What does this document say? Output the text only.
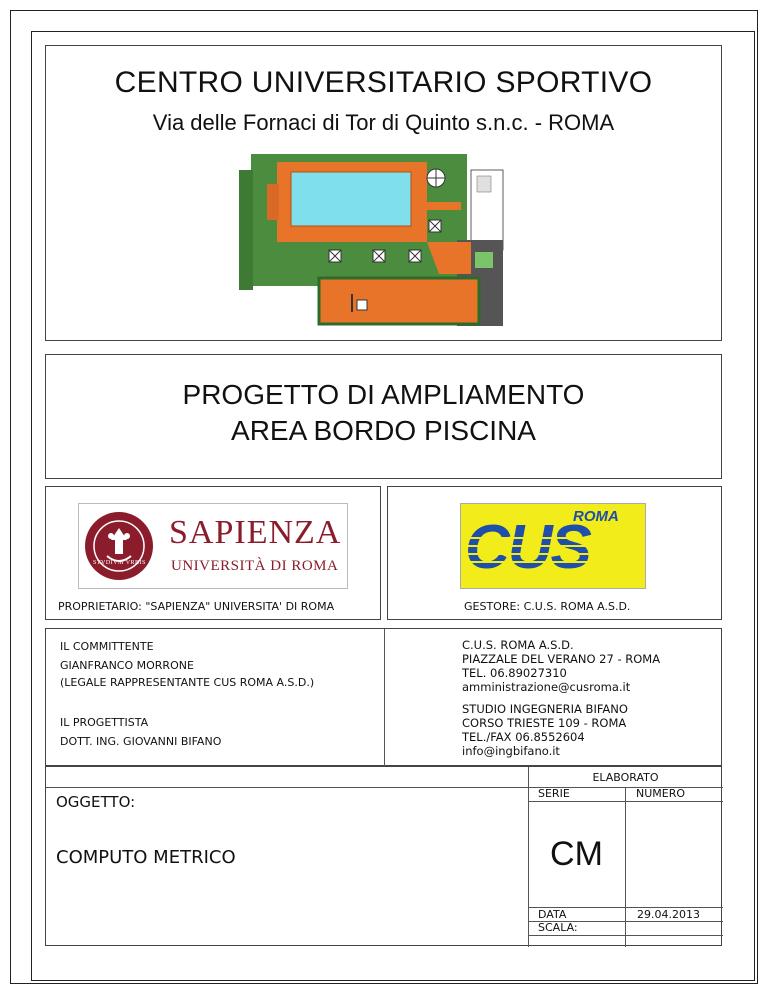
CENTRO UNIVERSITARIO SPORTIVO
Via delle Fornaci di Tor di Quinto s.n.c. - ROMA
PROGETTO DI AMPLIAMENTO
AREA BORDO PISCINA
STVDIVM VRBIS
SAPIENZA
UNIVERSITÀ DI ROMA
PROPRIETARIO: "SAPIENZA" UNIVERSITA' DI ROMA
ROMA
CUS
GESTORE: C.U.S. ROMA A.S.D.
IL COMMITTENTE
GIANFRANCO MORRONE
(LEGALE RAPPRESENTANTE CUS ROMA A.S.D.)
C.U.S. ROMA A.S.D.
PIAZZALE DEL VERANO 27 - ROMA
TEL. 06.89027310
amministrazione@cusroma.it
IL PROGETTISTA
DOTT. ING. GIOVANNI BIFANO
STUDIO INGEGNERIA BIFANO
CORSO TRIESTE 109 - ROMA
TEL./FAX 06.8552604
info@ingbifano.it
OGGETTO:
COMPUTO METRICO
ELABORATO
SERIE	NUMERO
CM
DATA	29.04.2013
SCALA:
